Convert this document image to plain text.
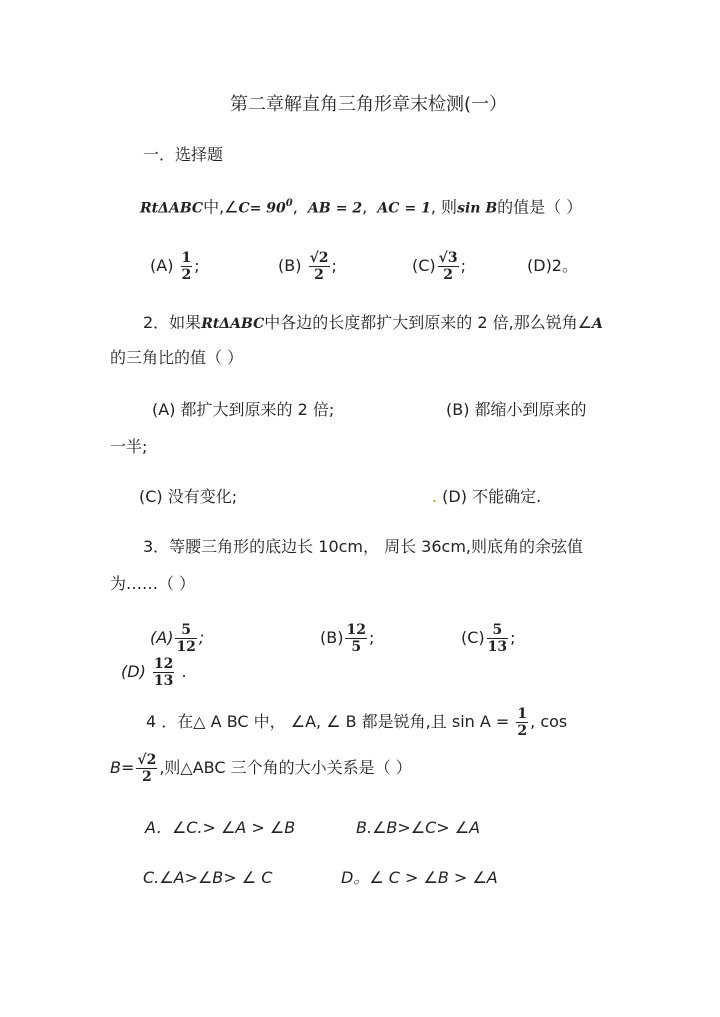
第二章解直角三角形章末检测(一）
一．选择题
RtΔABC中,∠C= $90^0$, AB = 2, AC = 1, 则sin B的值是（ ）
$(A) \frac{1}{2}$ ;	$(B) \frac{√2}{2}$ ;	$(C) \frac{√3}{2}$ ;	(D)2。
2．如果RtΔABC中各边的长度都扩大到原来的 2 倍,那么锐角∠A
的三角比的值（ ）
(A) 都扩大到原来的 2 倍;	(B) 都缩小到原来的
一半;
(C) 没有变化;	. (D) 不能确定.
3．等腰三角形的底边长 10cm， 周长 36cm,则底角的余弦值
为……（ ）
$(A) \frac{5}{12}$ ;	$(B) \frac{12}{5}$ ;	$(C) \frac{5}{13}$ ;
$(D) \frac{12}{13}$ .
4 ．在△ A BC 中， ∠A, ∠ B 都是锐角,且 $\sin A = \frac{1}{2}$ , cos
$B= \frac{√2}{2}$ ,则△ABC 三个角的大小关系是（ ）
A．∠C.> ∠A > ∠B	B.∠B>∠C> ∠A
C.∠A>∠B> ∠ C	D。∠ C > ∠B > ∠A
